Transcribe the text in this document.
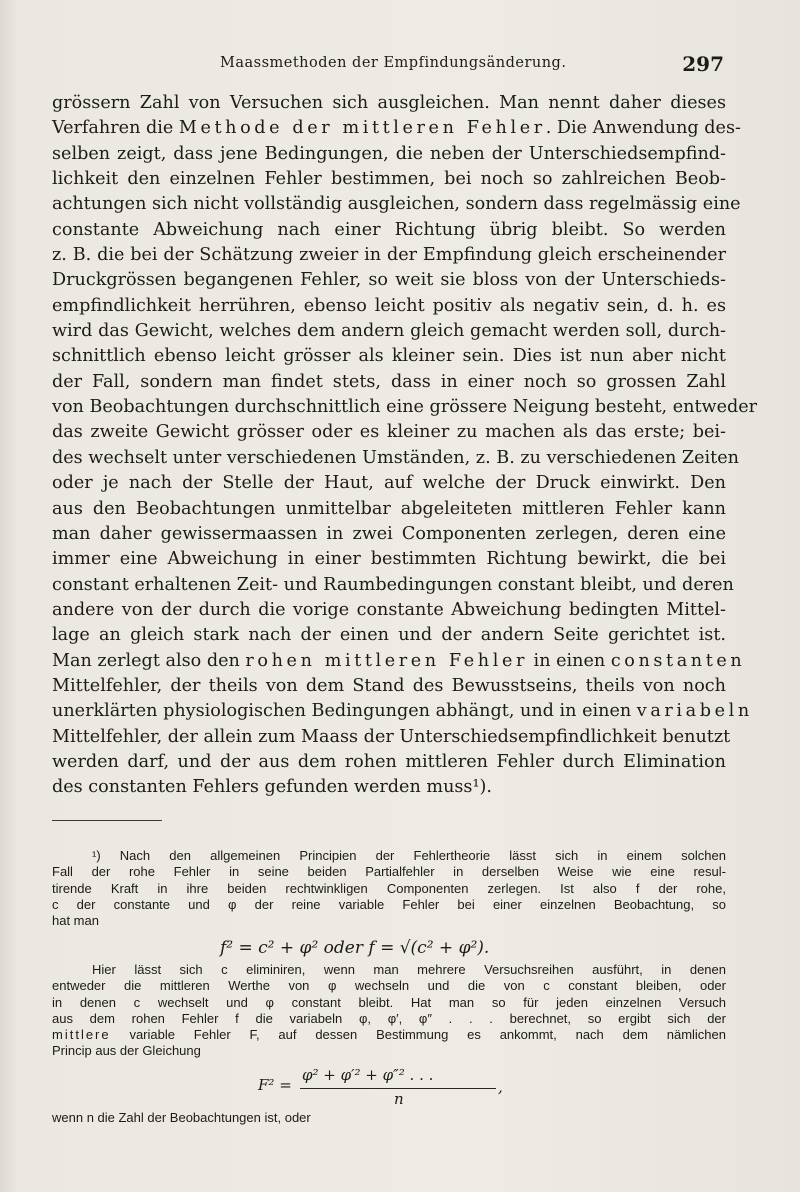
Maassmethoden der Empfindungsänderung.	297
grössern Zahl von Versuchen sich ausgleichen. Man nennt daher dieses
Verfahren die Methode der mittleren Fehler. Die Anwendung des-
selben zeigt, dass jene Bedingungen, die neben der Unterschiedsempfind-
lichkeit den einzelnen Fehler bestimmen, bei noch so zahlreichen Beob-
achtungen sich nicht vollständig ausgleichen, sondern dass regelmässig eine
constante Abweichung nach einer Richtung übrig bleibt. So werden
z. B. die bei der Schätzung zweier in der Empfindung gleich erscheinender
Druckgrössen begangenen Fehler, so weit sie bloss von der Unterschieds-
empfindlichkeit herrühren, ebenso leicht positiv als negativ sein, d. h. es
wird das Gewicht, welches dem andern gleich gemacht werden soll, durch-
schnittlich ebenso leicht grösser als kleiner sein. Dies ist nun aber nicht
der Fall, sondern man findet stets, dass in einer noch so grossen Zahl
von Beobachtungen durchschnittlich eine grössere Neigung besteht, entweder
das zweite Gewicht grösser oder es kleiner zu machen als das erste; bei-
des wechselt unter verschiedenen Umständen, z. B. zu verschiedenen Zeiten
oder je nach der Stelle der Haut, auf welche der Druck einwirkt. Den
aus den Beobachtungen unmittelbar abgeleiteten mittleren Fehler kann
man daher gewissermaassen in zwei Componenten zerlegen, deren eine
immer eine Abweichung in einer bestimmten Richtung bewirkt, die bei
constant erhaltenen Zeit- und Raumbedingungen constant bleibt, und deren
andere von der durch die vorige constante Abweichung bedingten Mittel-
lage an gleich stark nach der einen und der andern Seite gerichtet ist.
Man zerlegt also den rohen mittleren Fehler in einen constanten
Mittelfehler, der theils von dem Stand des Bewusstseins, theils von noch
unerklärten physiologischen Bedingungen abhängt, und in einen variabeln
Mittelfehler, der allein zum Maass der Unterschiedsempfindlichkeit benutzt
werden darf, und der aus dem rohen mittleren Fehler durch Elimination
des constanten Fehlers gefunden werden muss¹).
¹) Nach den allgemeinen Principien der Fehlertheorie lässt sich in einem solchen
Fall der rohe Fehler in seine beiden Partialfehler in derselben Weise wie eine resul-
tirende Kraft in ihre beiden rechtwinkligen Componenten zerlegen. Ist also f der rohe,
c der constante und φ der reine variable Fehler bei einer einzelnen Beobachtung, so
hat man
f² = c² + φ² oder f = √(c² + φ²).
Hier lässt sich c eliminiren, wenn man mehrere Versuchsreihen ausführt, in denen
entweder die mittleren Werthe von φ wechseln und die von c constant bleiben, oder
in denen c wechselt und φ constant bleibt. Hat man so für jeden einzelnen Versuch
aus dem rohen Fehler f die variabeln φ, φ′, φ″ . . . berechnet, so ergibt sich der
mittlere variable Fehler F, auf dessen Bestimmung es ankommt, nach dem nämlichen
Princip aus der Gleichung
F² =
φ² + φ′² + φ″² . . .
n
,
wenn n die Zahl der Beobachtungen ist, oder
